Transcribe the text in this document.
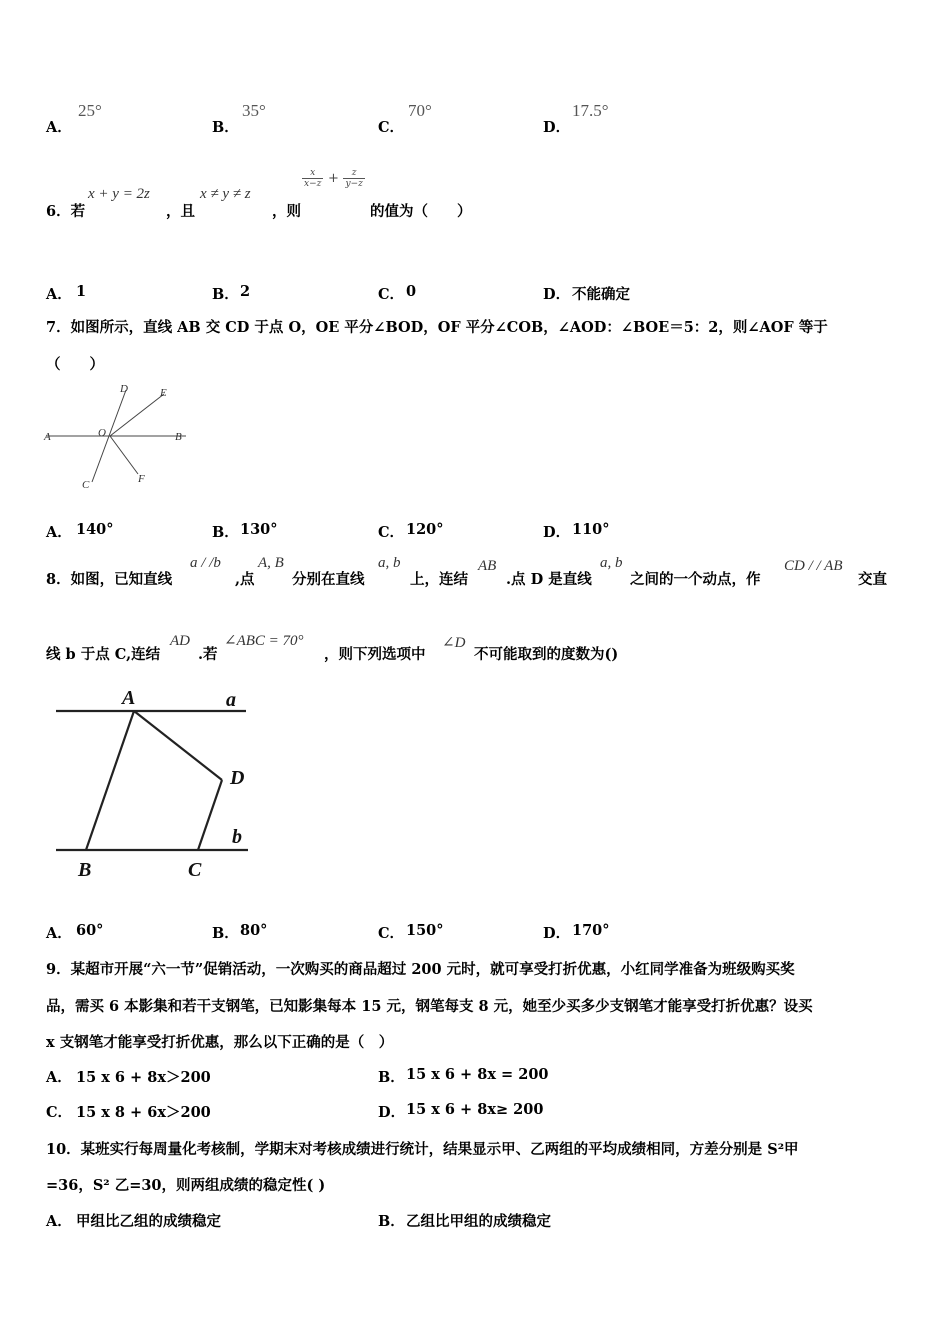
A．
25°
B．
35°
C．
70°
D．
17.5°
6．若
x + y = 2z
，且
x ≠ y ≠ z
，则
$\frac{x}{x-z} + \frac{z}{y-z}$
的值为（　　）
A． 1	B． 2	C． 0	D． 不能确定
7．如图所示，直线 AB 交 CD 于点 O，OE 平分∠BOD，OF 平分∠COB，∠AOD：∠BOE＝5：2，则∠AOF 等于
（　　）
A	B
D	E
O
C	F
A． 140°	B． 130°	C． 120°	D． 110°
8．如图，已知直线
a / /b
,点
A, B
分别在直线
a, b
上，连结
AB
.点 D 是直线
a, b
之间的一个动点，作
CD / / AB
交直
线 b 于点 C,连结
AD
.若
∠ABC = 70°
，则下列选项中
∠D
不可能取到的度数为()
A	a
D
b
B	C
A． 60°	B． 80°	C． 150°	D． 170°
9．某超市开展“六一节”促销活动，一次购买的商品超过 200 元时，就可享受打折优惠，小红同学准备为班级购买奖
品，需买 6 本影集和若干支钢笔，已知影集每本 15 元，钢笔每支 8 元，她至少买多少支钢笔才能享受打折优惠？设买
x 支钢笔才能享受打折优惠，那么以下正确的是（　）
A． 15 x 6 + 8x＞200	B． 15 x 6 + 8x = 200
C． 15 x 8 + 6x＞200	D． 15 x 6 + 8x≥ 200
10．某班实行每周量化考核制，学期末对考核成绩进行统计，结果显示甲、乙两组的平均成绩相同，方差分别是 S²甲
=36，S² 乙=30，则两组成绩的稳定性( )
A． 甲组比乙组的成绩稳定	B． 乙组比甲组的成绩稳定
